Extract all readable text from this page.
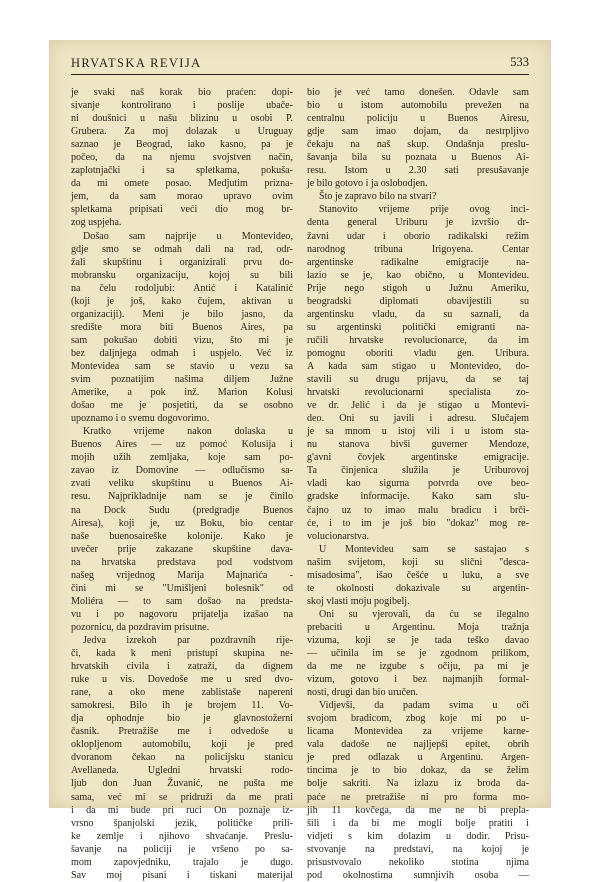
HRVATSKA REVIJA	533

je svaki naš korak bio praćen: dopi-

sivanje kontrolirano i poslije ubače-

ni doušnici u našu blizinu u osobi P.

Grubera. Za moj dolazak u Uruguay

saznao je Beograd, iako kasno, pa je

počeo, da na njemu svojstven način,

zaplotnjački i sa spletkama, pokuša-

da mi omete posao. Medjutim prizna-

jem, da sam morao upravo ovim

spletkama pripisati veći dio mog br-

zog uspjeha.

Došao sam najprije u Montevideo,

gdje smo se odmah dali na rad, odr-

žali skupštinu i organizirali prvu do-

mobransku organizaciju, kojoj su bili

na čelu rodoljubi: Antić i Katalinić

(koji je još, kako čujem, aktivan u

organizaciji). Meni je bilo jasno, da

središte mora biti Buenos Aires, pa

sam pokušao dobiti vizu, što mi je

bez daljnjega odmah i uspjelo. Već iz

Montevidea sam se stavio u vezu sa

svim poznatijim našima diljem Južne

Amerike, a pok inž. Marion Kolusi

došao me je posjetiti, da se osobno

upoznamo i o svemu dogovorimo.

Kratko vrijeme nakon dolaska u

Buenos Aires — uz pomoć Kolusija i

mojih užih zemljaka, koje sam po-

zavao iz Domovine — odlučismo sa-

zvati veliku skupštinu u Buenos Ai-

resu. Najprikladnije nam se je činilo

na Dock Sudu (predgradje Buenos

Airesa), koji je, uz Boku, bio centar

naše buenosaireške kolonije. Kako je

uvečer prije zakazane skupštine dava-

na hrvatska predstava pod vodstvom

našeg vrijednog Marija Majnarića -

čini mi se "Umišljeni bolesnik" od

Moliéra — to sam došao na predsta-

vu i po nagovoru prijatelja izašao na

pozornicu, da pozdravim prisutne.

Jedva izrekoh par pozdravnih rije-

či, kada k meni pristupi skupina ne-

hrvatskih civila i zatraži, da dignem

ruke u vis. Dovedoše me u sred dvo-

rane, a oko mene zablistaše napereni

samokresi. Bilo ih je brojem 11. Vo-

dja ophodnje bio je glavnostožerni

časnik. Pretražiše me i odvedoše u

oklopljenom automobilu, koji je pred

dvoranom čekao na policijsku stanicu

Avellaneda. Ugledni hrvatski rodo-

ljub don Juan Žuvanić, ne pušta me

sama, već mi se pridruži da me prati

i da mi bude pri ruci On poznaje iz-

vrsno španjolski jezik, političke prili-

ke zemlje i njihovo shvaćanje. Preslu-

šavanje na policiji je vršeno po sa-

mom zapovjedniku, trajalo je dugo.

Sav moj pisani i tiskani materijal

bio je već tamo donešen. Odavle sam

bio u istom automobilu prevežen na

centralnu policiju u Buenos Airesu,

gdje sam imao dojam, da nestrpljivo

čekaju na naš skup. Ondašnja preslu-

šavanja bila su poznata u Buenos Ai-

resu. Istom u 2.30 sati presušavanje

je bilo gotovo i ja oslobodjen.

Što je zapravo bilo na stvari?

Stanovito vrijeme prije ovog inci-

denta general Uriburu je izvršio dr-

žavni udar i oborio radikalski režim

narodnog tribuna Irigoyena. Centar

argentinske radikalne emigracije na-

lazio se je, kao obično, u Montevideu.

Prije nego stigoh u Južnu Ameriku,

beogradski diplomati obavijestili su

argentinsku vladu, da su saznali, da

su argentinski politički emigranti na-

ručili hrvatske revolucionarce, da im

pomognu oboriti vladu gen. Uribura.

A kada sam stigao u Montevideo, do-

stavili su drugu prijavu, da se taj

hrvatski revolucionarni specialista zo-

ve dr. Jelić i da je stigao u Montevi-

deo. Oni su javili i adresu. Slučajem

je sa mnom u istoj vili i u istom sta-

nu stanova bivši guverner Mendoze,

g'avni čovjek argentinske emigracije.

Ta činjenica služila je Uriburovoj

vladi kao sigurna potvrda ove beo-

gradske informacije. Kako sam slu-

čajno uz to imao malu bradicu i brči-

će, i to im je još bio "dokaz" mog re-

volucionarstva.

U Montevideu sam se sastajao s

našim svijetom, koji su slični "desca-

misadosima", išao češće u luku, a sve

te okolnosti dokazivale su argentin-

skoj vlasti moju pogibelj.

Oni su vjerovali, da ću se ilegalno

prebaciti u Argentinu. Moja tražnja

vizuma, koji se je tada teško davao

— učinila im se je zgodnom prilikom,

da me ne izgube s očiju, pa mi je

vizum, gotovo i bez najmanjih formal-

nosti, drugi dan bio uručen.

Vidjevši, da padam svima u oči

svojom bradicom, zbog koje mi po u-

licama Montevidea za vrijeme karne-

vala dadoše ne najljepši epitet, obrih

je pred odlazak u Argentinu. Argen-

tincima je to bio dokaz, da se želim

bolje sakriti. Na izlazu iz broda da-

paće ne pretražiše ni pro forma mo-

jih 11 kovčega, da me ne bi prepla-

šili i da bi me mogli bolje pratiti i

vidjeti s kim dolazim u dodir. Prisu-

stvovanje na predstavi, na kojoj je

prisustvovalo nekoliko stotina njima

pod okolnostima sumnjivih osoba —
